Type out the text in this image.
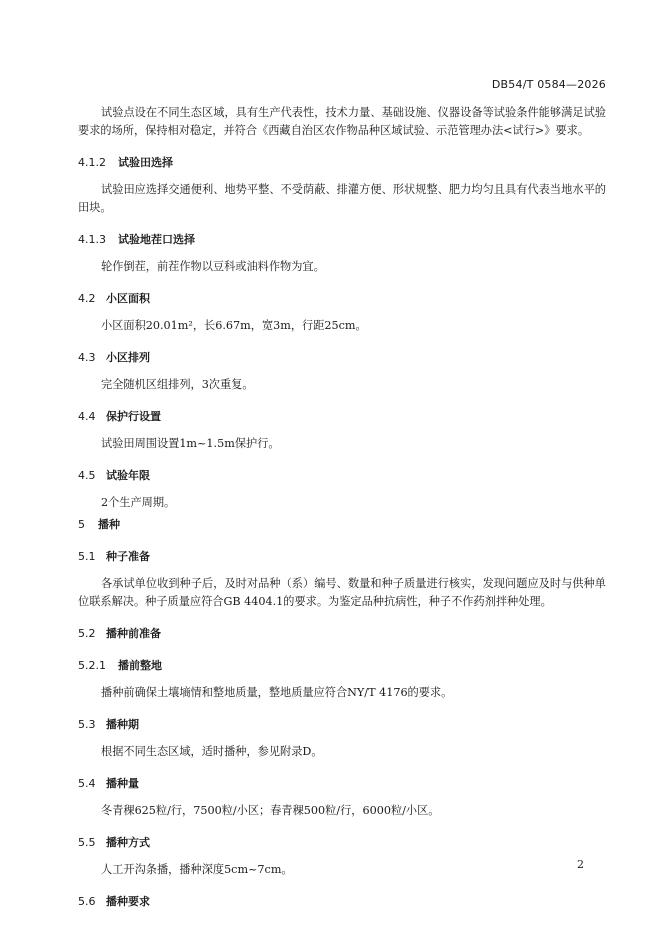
DB54/T 0584—2026

试验点设在不同生态区域，具有生产代表性，技术力量、基础设施、仪器设备等试验条件能够满足试验要求的场所，保持相对稳定，并符合《西藏自治区农作物品种区域试验、示范管理办法<试行>》要求。

4.1.2	试验田选择

试验田应选择交通便利、地势平整、不受荫蔽、排灌方便、形状规整、肥力均匀且具有代表当地水平的田块。

4.1.3	试验地茬口选择

轮作倒茬，前茬作物以豆科或油料作物为宜。

4.2 小区面积

小区面积20.01m²，长6.67m，宽3m，行距25cm。

4.3 小区排列

完全随机区组排列，3次重复。

4.4 保护行设置

试验田周围设置1m~1.5m保护行。

4.5 试验年限

2个生产周期。

5	播种
5.1 种子准备

各承试单位收到种子后，及时对品种（系）编号、数量和种子质量进行核实，发现问题应及时与供种单位联系解决。种子质量应符合GB 4404.1的要求。为鉴定品种抗病性，种子不作药剂拌种处理。

5.2 播种前准备
5.2.1	播前整地

播种前确保土壤墒情和整地质量，整地质量应符合NY/T 4176的要求。

5.3 播种期

根据不同生态区域，适时播种，参见附录D。

5.4 播种量

冬青稞625粒/行，7500粒/小区；春青稞500粒/行，6000粒/小区。

5.5 播种方式

人工开沟条播，播种深度5cm~7cm。

5.6 播种要求
2
